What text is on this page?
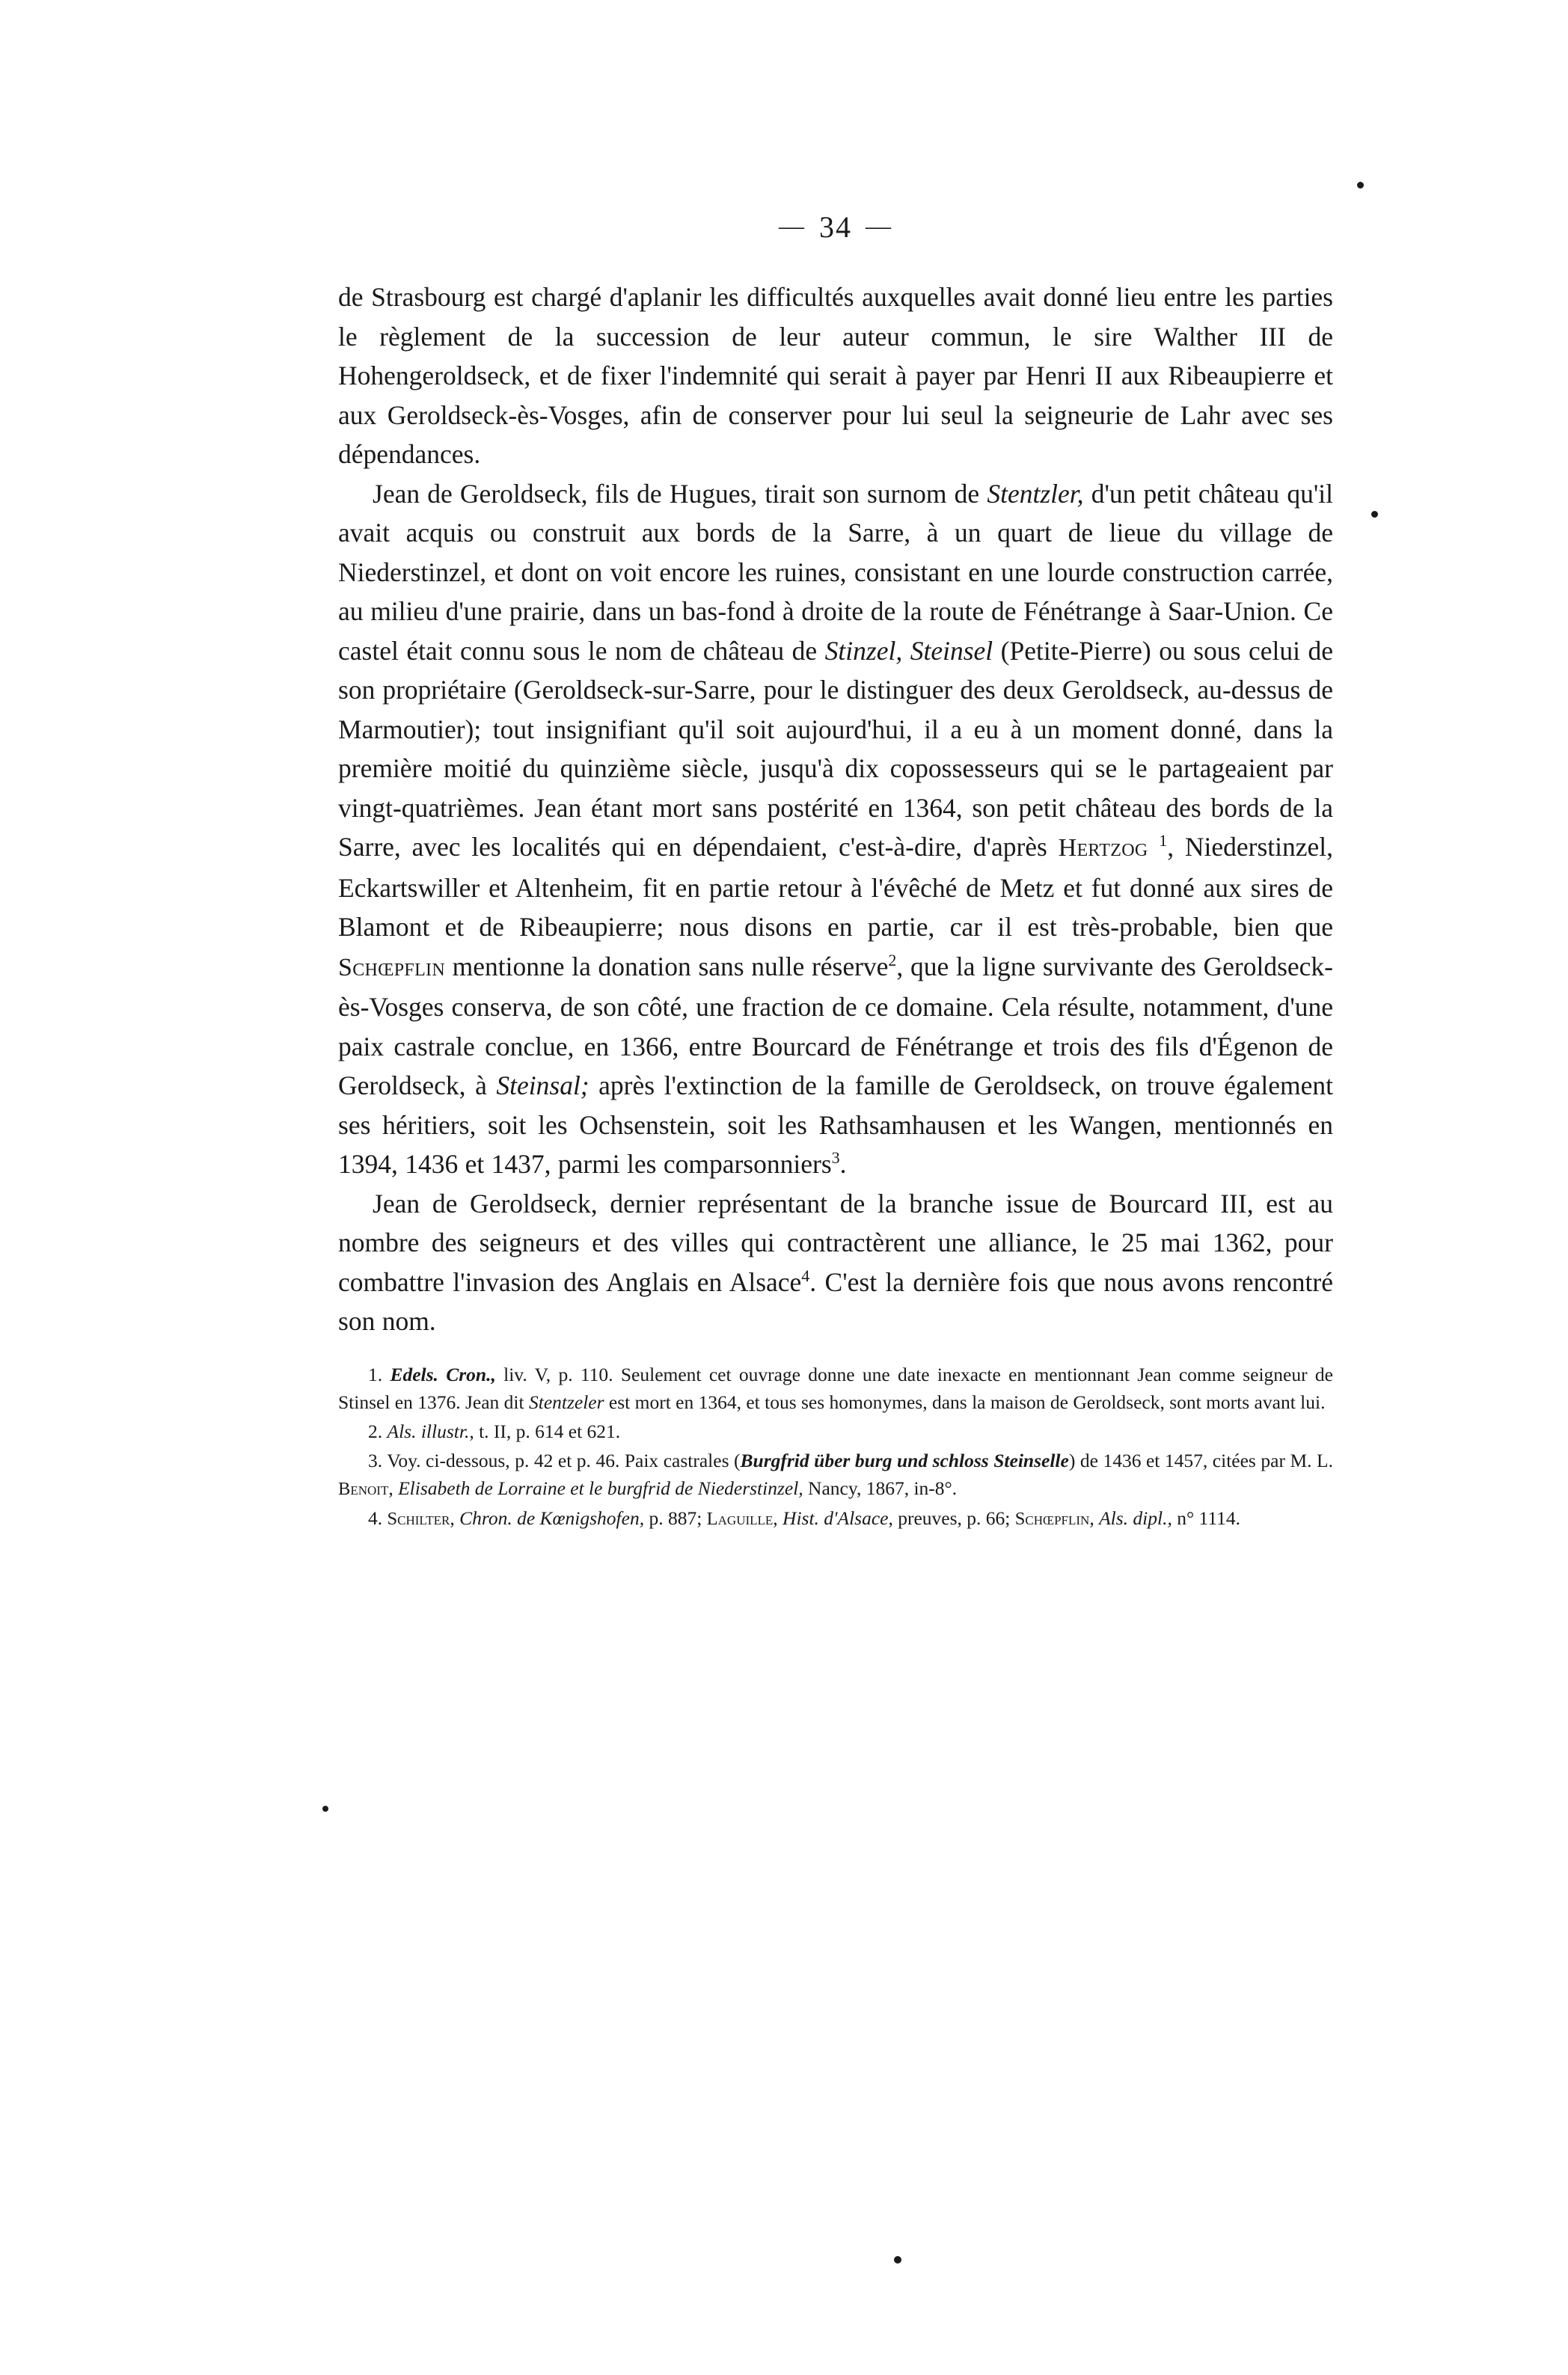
— 34 —

de Strasbourg est chargé d'aplanir les difficultés auxquelles avait donné lieu entre les parties le règlement de la succession de leur auteur commun, le sire Walther III de Hohengeroldseck, et de fixer l'indemnité qui serait à payer par Henri II aux Ribeaupierre et aux Geroldseck-ès-Vosges, afin de conserver pour lui seul la seigneurie de Lahr avec ses dépendances.

Jean de Geroldseck, fils de Hugues, tirait son surnom de Stentzler, d'un petit château qu'il avait acquis ou construit aux bords de la Sarre, à un quart de lieue du village de Niederstinzel, et dont on voit encore les ruines, consistant en une lourde construction carrée, au milieu d'une prairie, dans un bas-fond à droite de la route de Fénétrange à Saar-Union. Ce castel était connu sous le nom de château de Stinzel, Steinsel (Petite-Pierre) ou sous celui de son propriétaire (Geroldseck-sur-Sarre, pour le distinguer des deux Geroldseck, au-dessus de Marmoutier); tout insignifiant qu'il soit aujourd'hui, il a eu à un moment donné, dans la première moitié du quinzième siècle, jusqu'à dix copossesseurs qui se le partageaient par vingt-quatrièmes. Jean étant mort sans postérité en 1364, son petit château des bords de la Sarre, avec les localités qui en dépendaient, c'est-à-dire, d'après Hertzog $^1$, Niederstinzel, Eckartswiller et Altenheim, fit en partie retour à l'évêché de Metz et fut donné aux sires de Blamont et de Ribeaupierre; nous disons en partie, car il est très-probable, bien que Schœpflin mentionne la donation sans nulle réserve$^2$, que la ligne survivante des Geroldseck-ès-Vosges conserva, de son côté, une fraction de ce domaine. Cela résulte, notamment, d'une paix castrale conclue, en 1366, entre Bourcard de Fénétrange et trois des fils d'Égenon de Geroldseck, à Steinsal; après l'extinction de la famille de Geroldseck, on trouve également ses héritiers, soit les Ochsenstein, soit les Rathsamhausen et les Wangen, mentionnés en 1394, 1436 et 1437, parmi les comparsonniers$^3$.

Jean de Geroldseck, dernier représentant de la branche issue de Bourcard III, est au nombre des seigneurs et des villes qui contractèrent une alliance, le 25 mai 1362, pour combattre l'invasion des Anglais en Alsace$^4$. C'est la dernière fois que nous avons rencontré son nom.

1. Edels. Cron., liv. V, p. 110. Seulement cet ouvrage donne une date inexacte en mentionnant Jean comme seigneur de Stinsel en 1376. Jean dit Stentzeler est mort en 1364, et tous ses homonymes, dans la maison de Geroldseck, sont morts avant lui.

2. Als. illustr., t. II, p. 614 et 621.

3. Voy. ci-dessous, p. 42 et p. 46. Paix castrales (Burgfrid über burg und schloss Steinselle) de 1436 et 1457, citées par M. L. Benoit, Elisabeth de Lorraine et le burgfrid de Niederstinzel, Nancy, 1867, in-8°.

4. Schilter, Chron. de Kœnigshofen, p. 887; Laguille, Hist. d'Alsace, preuves, p. 66; Schœpflin, Als. dipl., n° 1114.
